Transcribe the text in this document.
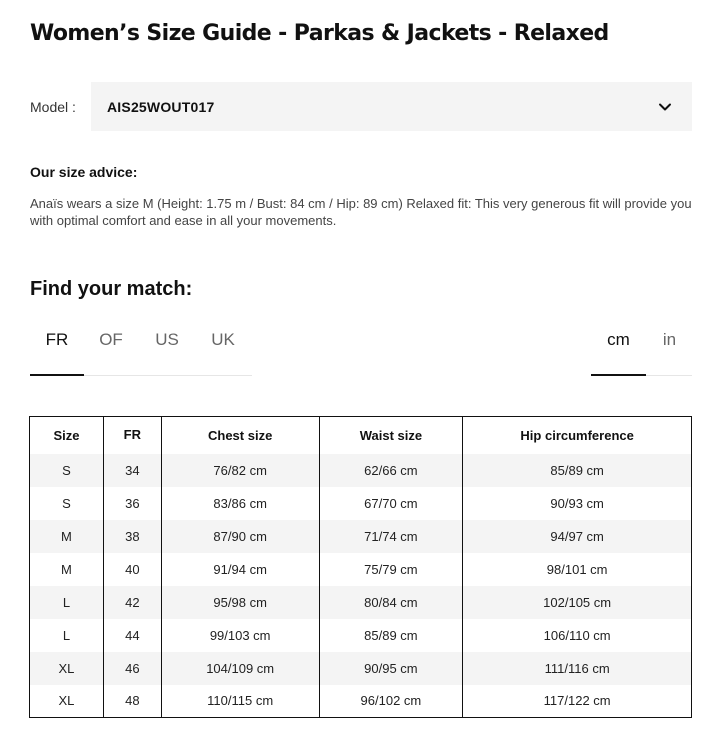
Women’s Size Guide - Parkas & Jackets - Relaxed
Model : AIS25WOUT017
Our size advice:
Anaïs wears a size M (Height: 1.75 m / Bust: 84 cm / Hip: 89 cm) Relaxed fit: This very generous fit will provide you with optimal comfort and ease in all your movements.
Find your match:
FR	OF	US	UK	cm	in
Size	FR	Chest size	Waist size	Hip circumference
S	34	76/82 cm	62/66 cm	85/89 cm
S	36	83/86 cm	67/70 cm	90/93 cm
M	38	87/90 cm	71/74 cm	94/97 cm
M	40	91/94 cm	75/79 cm	98/101 cm
L	42	95/98 cm	80/84 cm	102/105 cm
L	44	99/103 cm	85/89 cm	106/110 cm
XL	46	104/109 cm	90/95 cm	111/116 cm
XL	48	110/115 cm	96/102 cm	117/122 cm
